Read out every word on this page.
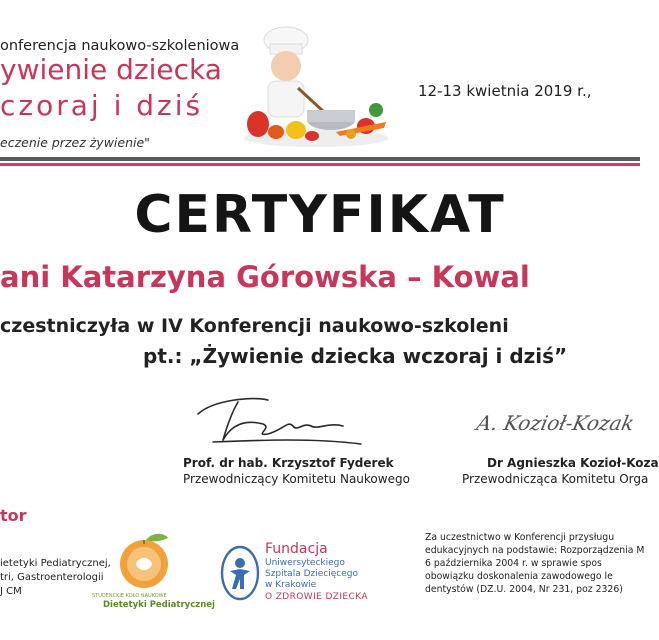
onferencja naukowo-szkoleniowa
ywienie dziecka
czoraj i dziś
eczenie przez żywienie"
12-13 kwietnia 2019 r.,
CERTYFIKAT
ani Katarzyna Górowska – Kowal
czestniczyła w IV Konferencji naukowo-szkoleni
pt.: „Żywienie dziecka wczoraj i dziś”
A. Kozioł-Kozak
Prof. dr hab. Krzysztof Fyderek
Przewodniczący Komitetu Naukowego
Dr Agnieszka Kozioł-Koza
Przewodnicząca Komitetu Orga
tor
ietetyki Pediatrycznej,
tri, Gastroenterologii
J CM	STUDENCKIE KOŁO NAUKOWE
Dietetyki Pediatrycznej
Fundacja
Uniwersyteckiego
Szpitala Dziecięcego
w Krakowie
O ZDROWIE DZIECKA
Za uczestnictwo w Konferencji przysługu
edukacyjnych na podstawie: Rozporządzenia M
6 października 2004 r. w sprawie spos
obowiązku doskonalenia zawodowego le
dentystów (DZ.U. 2004, Nr 231, poz 2326)
